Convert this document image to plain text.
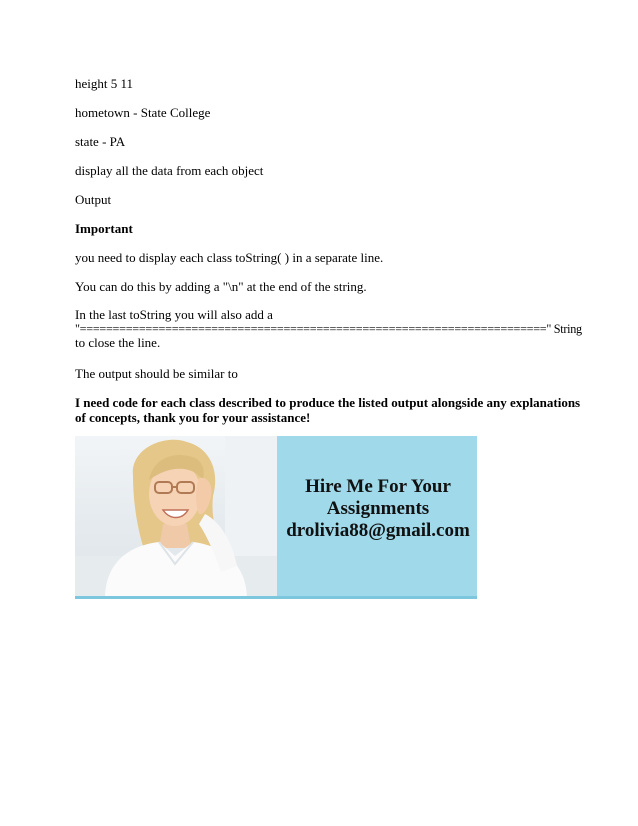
height 5 11

hometown - State College

state - PA

display all the data from each object

Output

Important

you need to display each class toString( ) in a separate line.

You can do this by adding a "\n" at the end of the string.

In the last toString you will also add a
"=======================================================================" String
to close the line.

The output should be similar to

I need code for each class described to produce the listed output alongside any explanations
of concepts, thank you for your assistance!

Hire Me For Your
Assignments
drolivia88@gmail.com
